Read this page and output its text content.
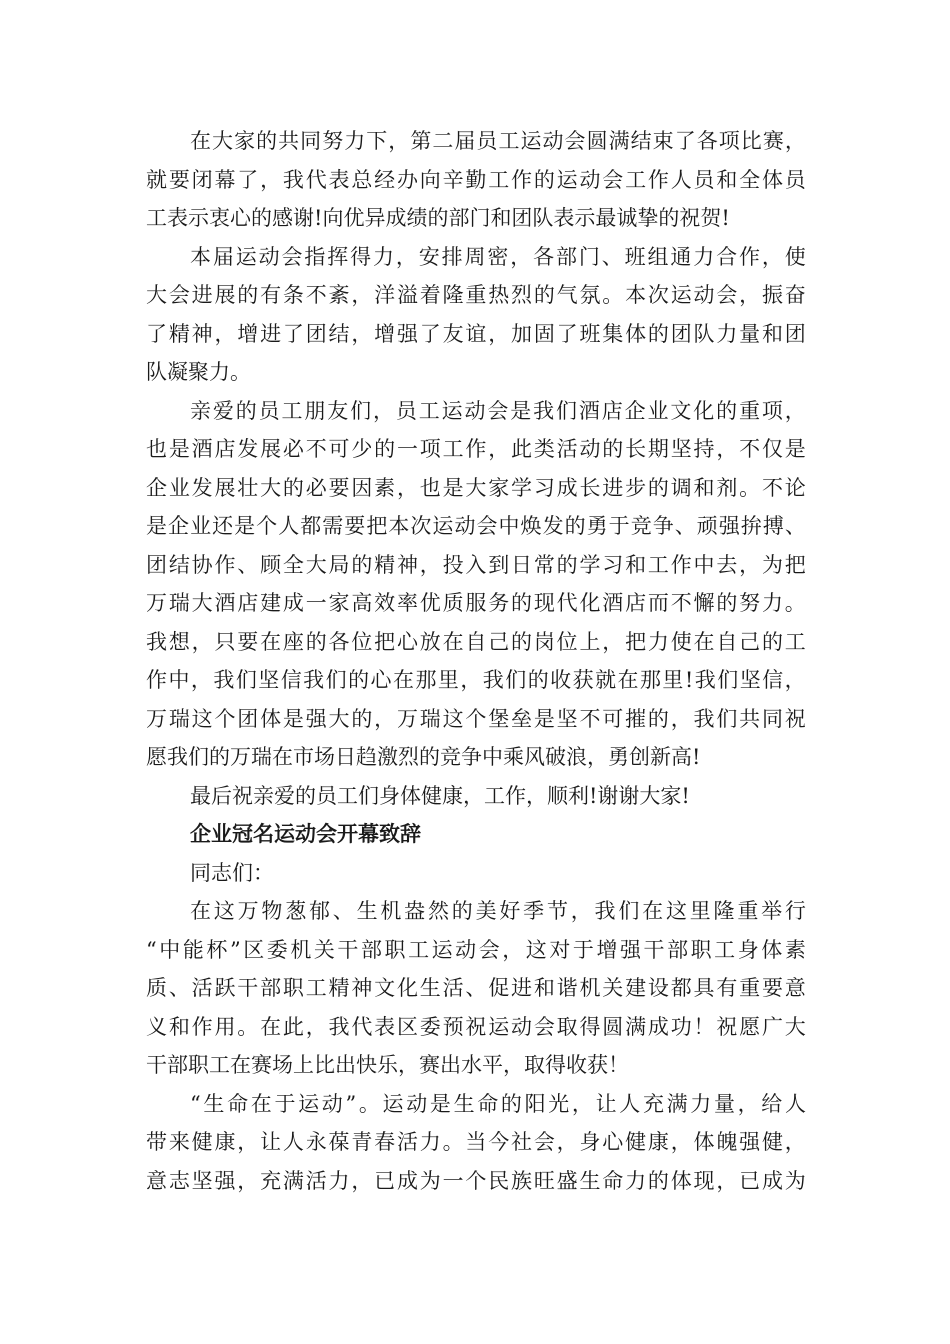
在 大 家 的 共 同 努 力 下 ， 第 二 届 员 工 运 动 会 圆 满 结 束 了 各 项 比 赛 ，
就 要 闭 幕 了 ， 我 代 表 总 经 办 向 辛 勤 工 作 的 运 动 会 工 作 人 员 和 全 体 员
工表示衷心的感谢!向优异成绩的部门和团队表示最诚挚的祝贺!
本 届 运 动 会 指 挥 得 力 ， 安 排 周 密 ， 各 部 门 、 班 组 通 力 合 作 ， 使
大 会 进 展 的 有 条 不 紊 ， 洋 溢 着 隆 重 热 烈 的 气 氛 。 本 次 运 动 会 ， 振 奋
了 精 神 ， 增 进 了 团 结 ， 增 强 了 友 谊 ， 加 固 了 班 集 体 的 团 队 力 量 和 团
队凝聚力。
亲 爱 的 员 工 朋 友 们 ， 员 工 运 动 会 是 我 们 酒 店 企 业 文 化 的 重 项 ，
也 是 酒 店 发 展 必 不 可 少 的 一 项 工 作 ， 此 类 活 动 的 长 期 坚 持 ， 不 仅 是
企 业 发 展 壮 大 的 必 要 因 素 ， 也 是 大 家 学 习 成 长 进 步 的 调 和 剂 。 不 论
是 企 业 还 是 个 人 都 需 要 把 本 次 运 动 会 中 焕 发 的 勇 于 竞 争 、 顽 强 拚 搏 、
团 结 协 作 、 顾 全 大 局 的 精 神 ， 投 入 到 日 常 的 学 习 和 工 作 中 去 ， 为 把
万 瑞 大 酒 店 建 成 一 家 高 效 率 优 质 服 务 的 现 代 化 酒 店 而 不 懈 的 努 力 。
我 想 ， 只 要 在 座 的 各 位 把 心 放 在 自 己 的 岗 位 上 ， 把 力 使 在 自 己 的 工
作 中 ， 我 们 坚 信 我 们 的 心 在 那 里 ， 我 们 的 收 获 就 在 那 里 ! 我 们 坚 信 ，
万 瑞 这 个 团 体 是 强 大 的 ， 万 瑞 这 个 堡 垒 是 坚 不 可 摧 的 ， 我 们 共 同 祝
愿我们的万瑞在市场日趋激烈的竞争中乘风破浪，勇创新高!
最后祝亲爱的员工们身体健康，工作，顺利!谢谢大家!
企业冠名运动会开幕致辞
同志们：
在 这 万 物 葱 郁 、 生 机 盎 然 的 美 好 季 节 ， 我 们 在 这 里 隆 重 举 行
“ 中 能 杯 ” 区 委 机 关 干 部 职 工 运 动 会 ， 这 对 于 增 强 干 部 职 工 身 体 素
质 、 活 跃 干 部 职 工 精 神 文 化 生 活 、 促 进 和 谐 机 关 建 设 都 具 有 重 要 意
义 和 作 用 。 在 此 ， 我 代 表 区 委 预 祝 运 动 会 取 得 圆 满 成 功 ！ 祝 愿 广 大
干部职工在赛场上比出快乐，赛出水平，取得收获！
“ 生 命 在 于 运 动 ” 。 运 动 是 生 命 的 阳 光 ， 让 人 充 满 力 量 ， 给 人
带 来 健 康 ， 让 人 永 葆 青 春 活 力 。 当 今 社 会 ， 身 心 健 康 ， 体 魄 强 健 ，
意 志 坚 强 ， 充 满 活 力 ， 已 成 为 一 个 民 族 旺 盛 生 命 力 的 体 现 ， 已 成 为
